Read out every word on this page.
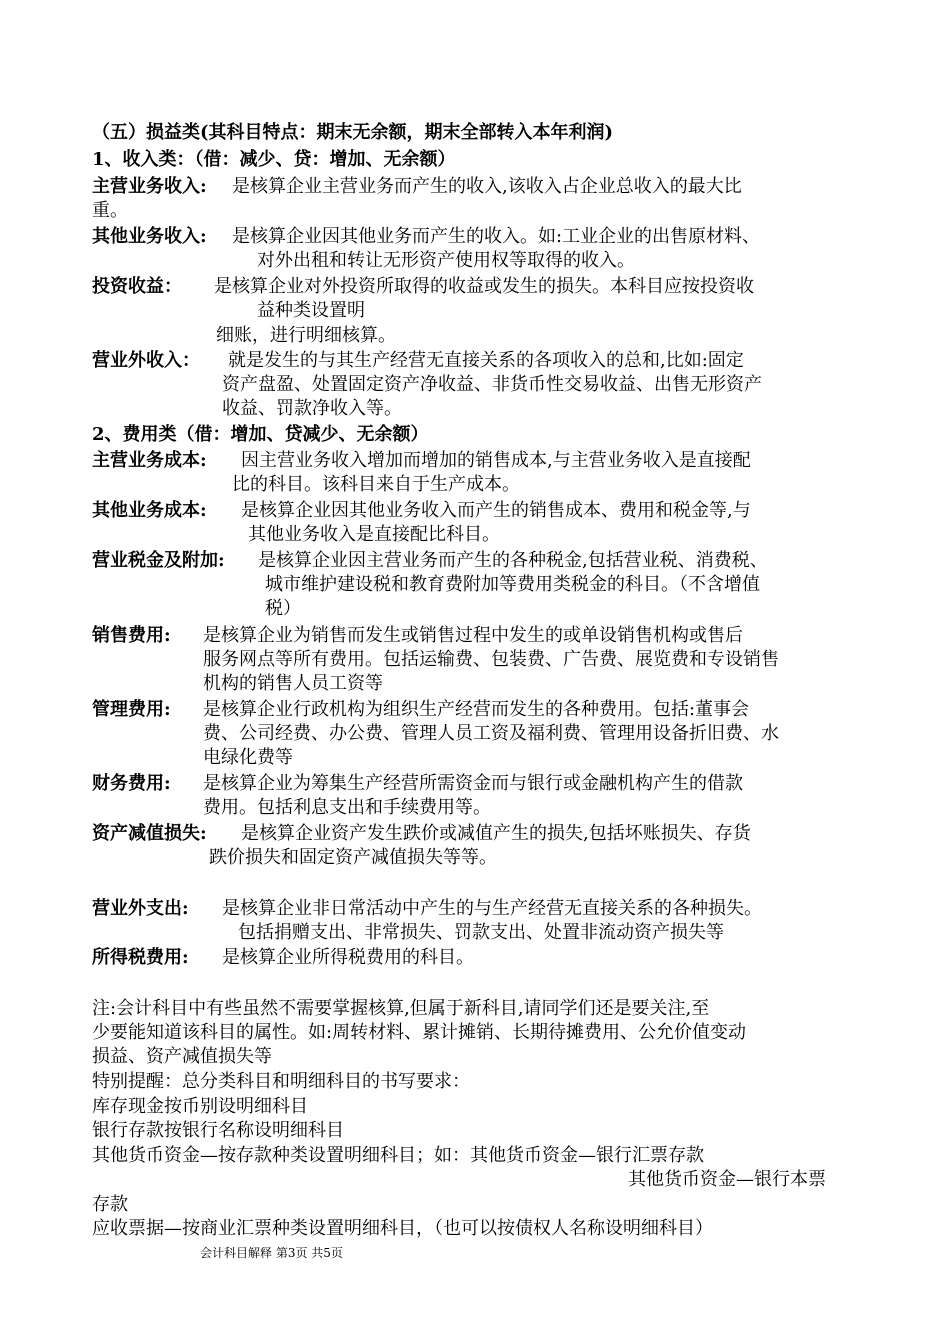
（五）损益类(其科目特点：期末无余额，期末全部转入本年利润)
1、收入类：（借：减少、贷：增加、无余额）
主营业务收入: 是核算企业主营业务而产生的收入,该收入占企业总收入的最大比
重。
其他业务收入: 是核算企业因其他业务而产生的收入。如:工业企业的出售原材料、
对外出租和转让无形资产使用权等取得的收入。
投资收益： 是核算企业对外投资所取得的收益或发生的损失。本科目应按投资收
益种类设置明
细账，进行明细核算。
营业外收入： 就是发生的与其生产经营无直接关系的各项收入的总和,比如:固定
资产盘盈、处置固定资产净收益、非货币性交易收益、出售无形资产
收益、罚款净收入等。
2、费用类（借：增加、贷减少、无余额）
主营业务成本: 因主营业务收入增加而增加的销售成本,与主营业务收入是直接配
比的科目。该科目来自于生产成本。
其他业务成本: 是核算企业因其他业务收入而产生的销售成本、费用和税金等,与
其他业务收入是直接配比科目。
营业税金及附加: 是核算企业因主营业务而产生的各种税金,包括营业税、消费税、
城市维护建设税和教育费附加等费用类税金的科目。（不含增值
税）
销售费用: 是核算企业为销售而发生或销售过程中发生的或单设销售机构或售后
服务网点等所有费用。包括运输费、包装费、广告费、展览费和专设销售
机构的销售人员工资等
管理费用: 是核算企业行政机构为组织生产经营而发生的各种费用。包括:董事会
费、公司经费、办公费、管理人员工资及福利费、管理用设备折旧费、水
电绿化费等
财务费用: 是核算企业为筹集生产经营所需资金而与银行或金融机构产生的借款
费用。包括利息支出和手续费用等。
资产减值损失: 是核算企业资产发生跌价或减值产生的损失,包括坏账损失、存货
跌价损失和固定资产减值损失等等。
营业外支出: 是核算企业非日常活动中产生的与生产经营无直接关系的各种损失。
包括捐赠支出、非常损失、罚款支出、处置非流动资产损失等
所得税费用: 是核算企业所得税费用的科目。
注:会计科目中有些虽然不需要掌握核算,但属于新科目,请同学们还是要关注,至
少要能知道该科目的属性。如:周转材料、累计摊销、长期待摊费用、公允价值变动
损益、资产减值损失等
特别提醒：总分类科目和明细科目的书写要求：
库存现金按币别设明细科目
银行存款按银行名称设明细科目
其他货币资金—按存款种类设置明细科目；如：其他货币资金—银行汇票存款
其他货币资金—银行本票
存款
应收票据—按商业汇票种类设置明细科目，（也可以按债权人名称设明细科目）
会计科目解释 第3页 共5页
